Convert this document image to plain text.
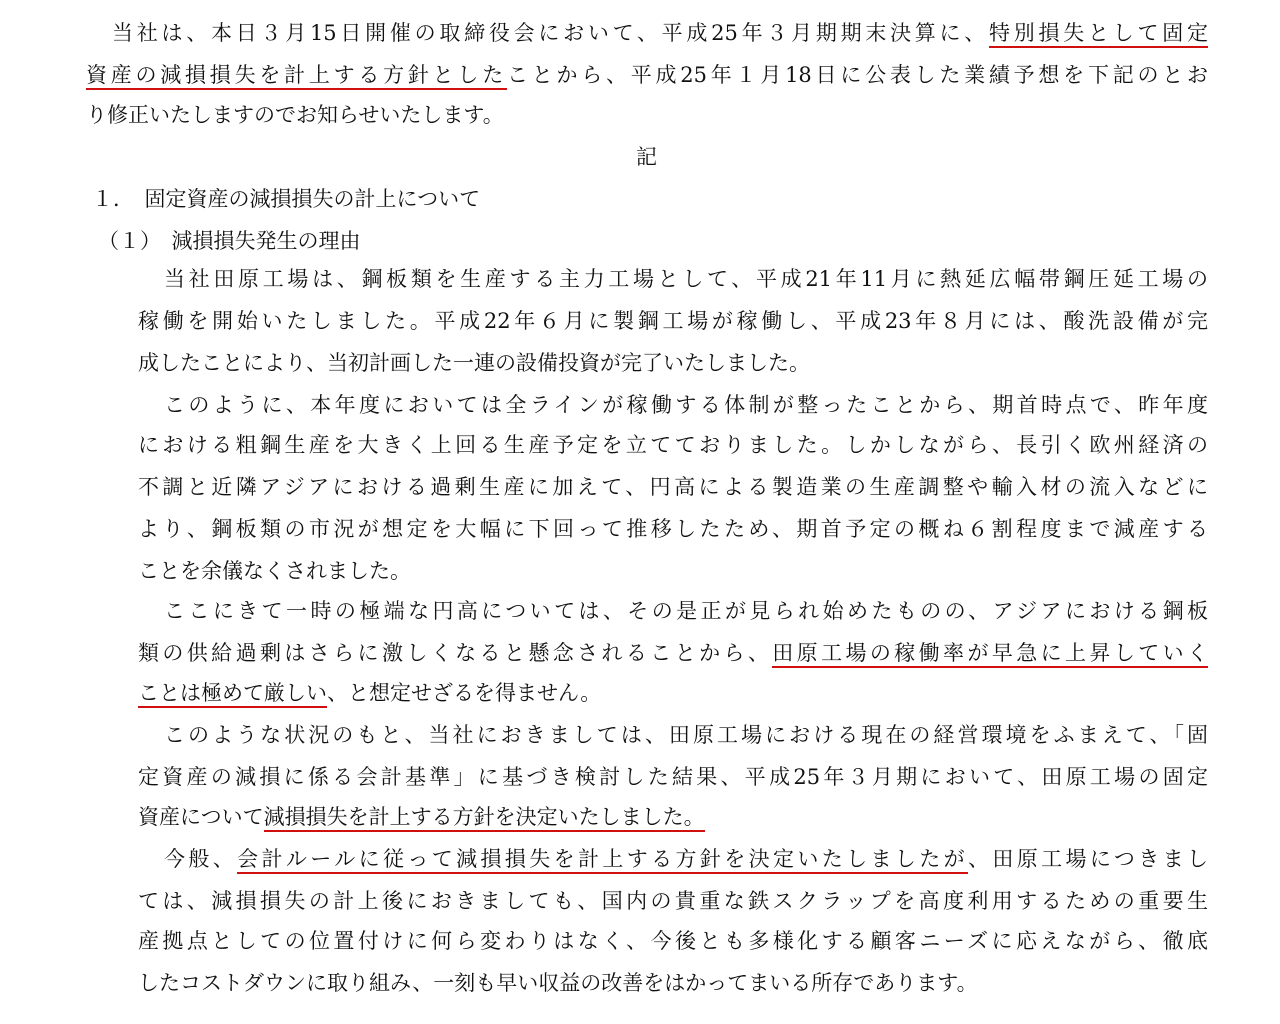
当社は、本日３月15日開催の取締役会において、平成25年３月期期末決算に、特別損失として固定
資産の減損損失を計上する方針としたことから、平成25年１月18日に公表した業績予想を下記のとお
り修正いたしますのでお知らせいたします。
記
１．　固定資産の減損損失の計上について
（１）　減損損失発生の理由
当社田原工場は、鋼板類を生産する主力工場として、平成21年11月に熱延広幅帯鋼圧延工場の
稼働を開始いたしました。平成22年６月に製鋼工場が稼働し、平成23年８月には、酸洗設備が完
成したことにより、当初計画した一連の設備投資が完了いたしました。
このように、本年度においては全ラインが稼働する体制が整ったことから、期首時点で、昨年度
における粗鋼生産を大きく上回る生産予定を立てておりました。しかしながら、長引く欧州経済の
不調と近隣アジアにおける過剰生産に加えて、円高による製造業の生産調整や輸入材の流入などに
より、鋼板類の市況が想定を大幅に下回って推移したため、期首予定の概ね６割程度まで減産する
ことを余儀なくされました。
ここにきて一時の極端な円高については、その是正が見られ始めたものの、アジアにおける鋼板
類の供給過剰はさらに激しくなると懸念されることから、田原工場の稼働率が早急に上昇していく
ことは極めて厳しい、と想定せざるを得ません。
このような状況のもと、当社におきましては、田原工場における現在の経営環境をふまえて、「固
定資産の減損に係る会計基準」に基づき検討した結果、平成25年３月期において、田原工場の固定
資産について減損損失を計上する方針を決定いたしました。
今般、会計ルールに従って減損損失を計上する方針を決定いたしましたが、田原工場につきまし
ては、減損損失の計上後におきましても、国内の貴重な鉄スクラップを高度利用するための重要生
産拠点としての位置付けに何ら変わりはなく、今後とも多様化する顧客ニーズに応えながら、徹底
したコストダウンに取り組み、一刻も早い収益の改善をはかってまいる所存であります。
